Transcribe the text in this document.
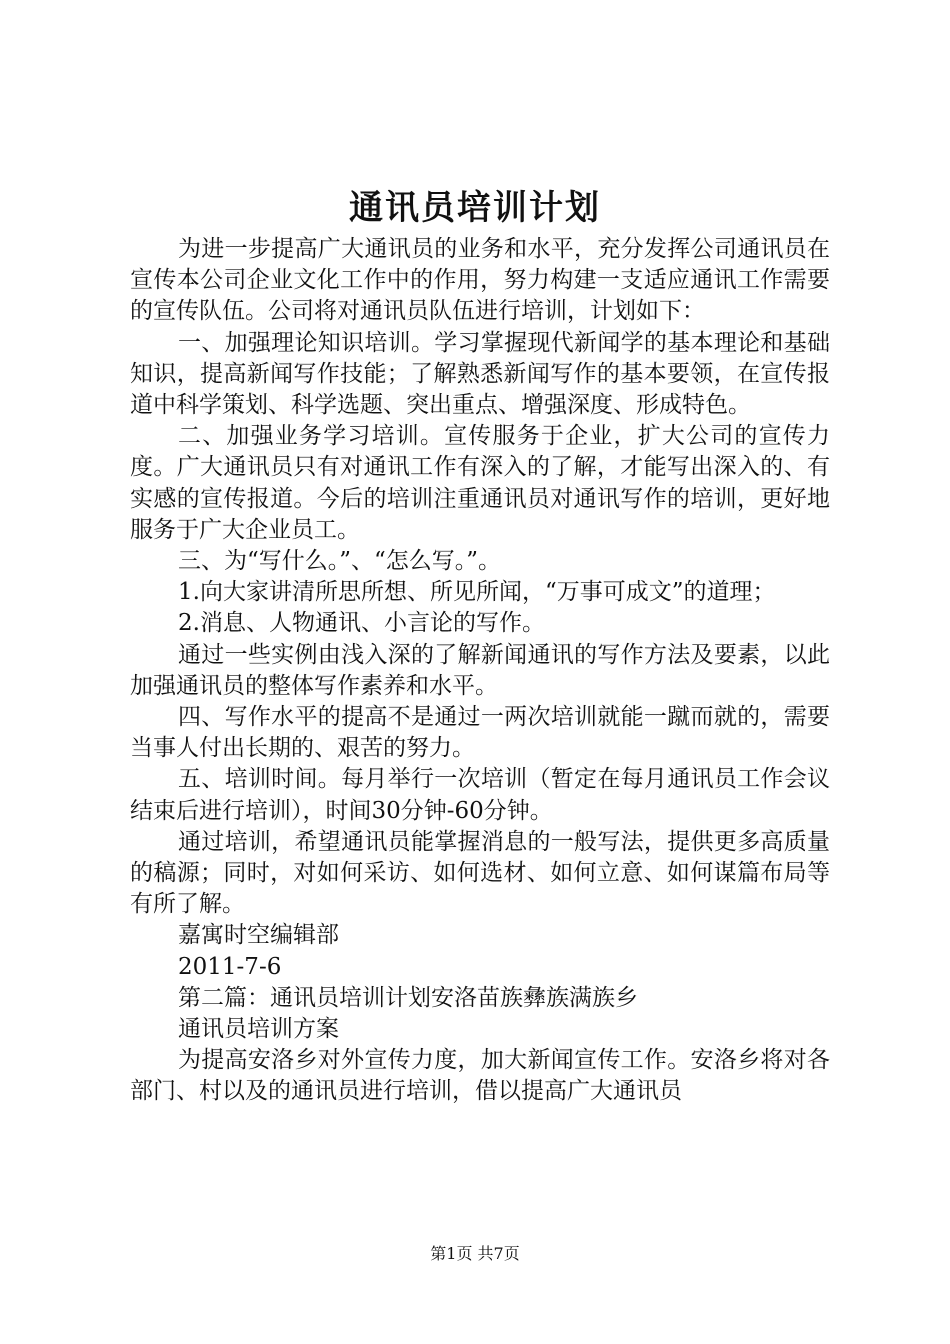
通讯员培训计划

为进一步提高广大通讯员的业务和水平，充分发挥公司通讯员在宣传本公司企业文化工作中的作用，努力构建一支适应通讯工作需要的宣传队伍。公司将对通讯员队伍进行培训，计划如下：

一、加强理论知识培训。学习掌握现代新闻学的基本理论和基础知识，提高新闻写作技能；了解熟悉新闻写作的基本要领，在宣传报道中科学策划、科学选题、突出重点、增强深度、形成特色。

二、加强业务学习培训。宣传服务于企业，扩大公司的宣传力度。广大通讯员只有对通讯工作有深入的了解，才能写出深入的、有实感的宣传报道。今后的培训注重通讯员对通讯写作的培训，更好地服务于广大企业员工。

三、为“写什么。”、“怎么写。”。

1.向大家讲清所思所想、所见所闻，“万事可成文”的道理；

2.消息、人物通讯、小言论的写作。

通过一些实例由浅入深的了解新闻通讯的写作方法及要素，以此加强通讯员的整体写作素养和水平。

四、写作水平的提高不是通过一两次培训就能一蹴而就的，需要当事人付出长期的、艰苦的努力。

五、培训时间。每月举行一次培训（暂定在每月通讯员工作会议结束后进行培训），时间30分钟-60分钟。

通过培训，希望通讯员能掌握消息的一般写法，提供更多高质量的稿源；同时，对如何采访、如何选材、如何立意、如何谋篇布局等有所了解。

嘉寓时空编辑部

2011-7-6

第二篇：通讯员培训计划安洛苗族彝族满族乡

通讯员培训方案

为提高安洛乡对外宣传力度，加大新闻宣传工作。安洛乡将对各部门、村以及的通讯员进行培训，借以提高广大通讯员

第1页 共7页
